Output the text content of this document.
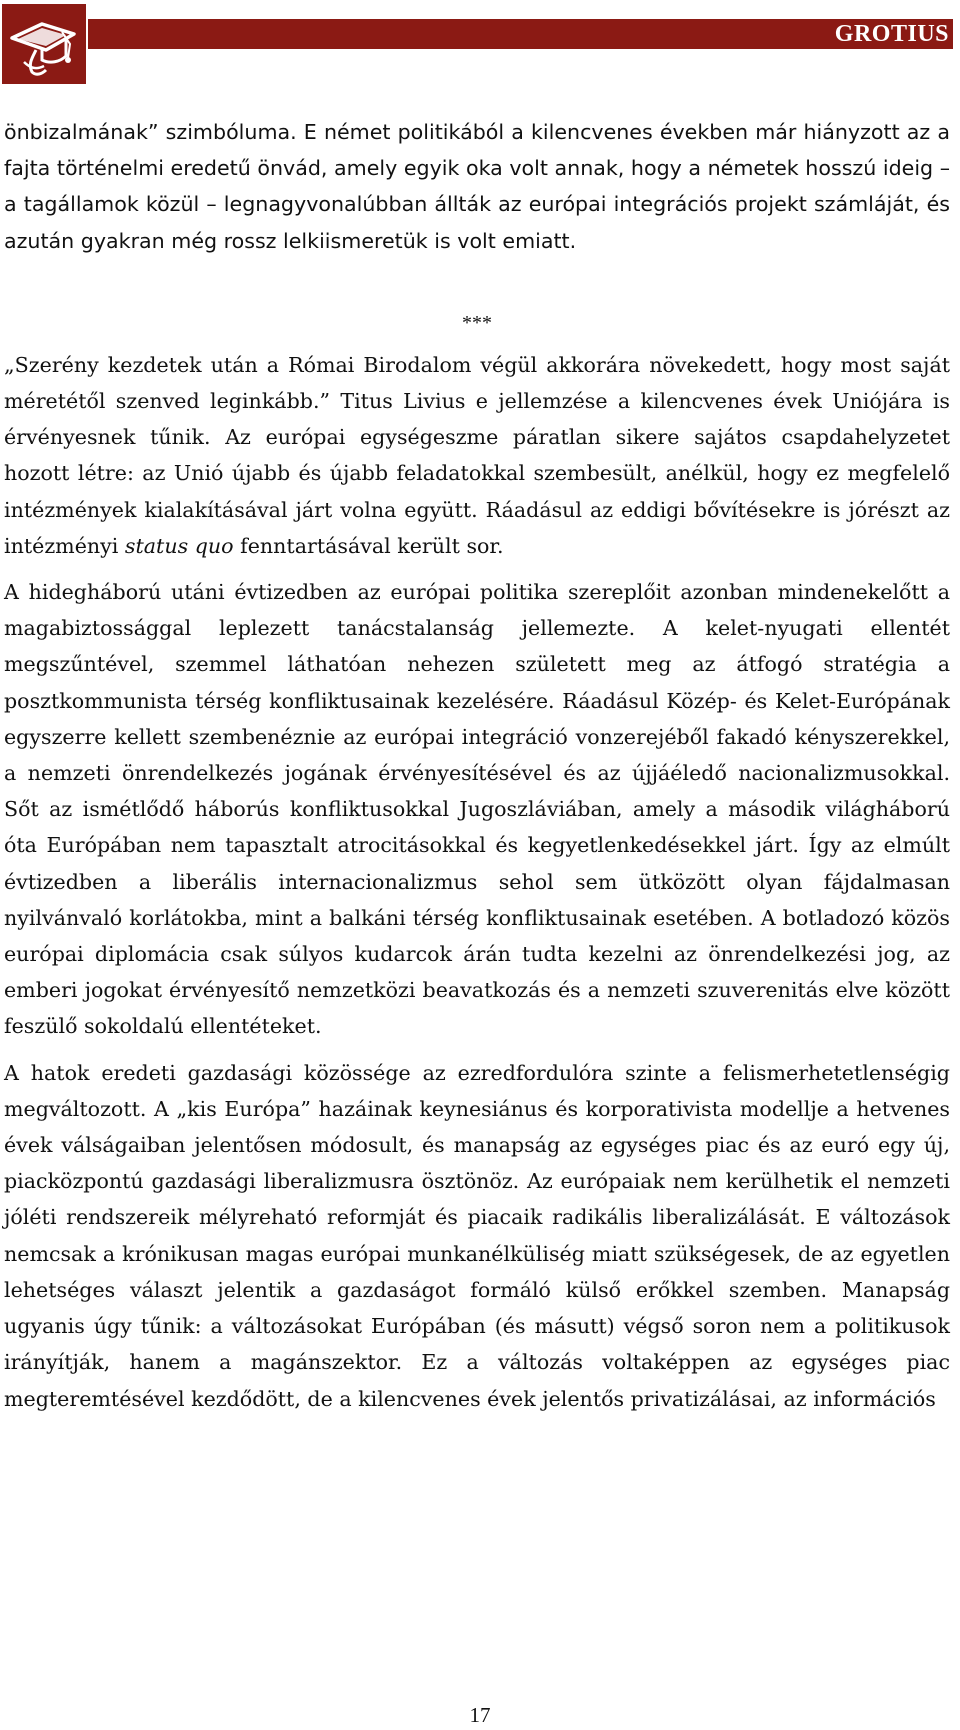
GROTIUS

önbizalmának” szimbóluma. E német politikából a kilencvenes években már hiányzott az a fajta történelmi eredetű önvád, amely egyik oka volt annak, hogy a németek hosszú ideig – a tagállamok közül – legnagyvonalúbban állták az európai integrációs projekt számláját, és azután gyakran még rossz lelkiismeretük is volt emiatt.

***

„Szerény kezdetek után a Római Birodalom végül akkorára növekedett, hogy most saját méretétől szenved leginkább.” Titus Livius e jellemzése a kilencvenes évek Uniójára is érvényesnek tűnik. Az európai egységeszme páratlan sikere sajátos csapdahelyzetet hozott létre: az Unió újabb és újabb feladatokkal szembesült, anélkül, hogy ez megfelelő intézmények kialakításával járt volna együtt. Ráadásul az eddigi bővítésekre is jórészt az intézményi status quo fenntartásával került sor.

A hidegháború utáni évtizedben az európai politika szereplőit azonban mindenekelőtt a magabiztossággal leplezett tanácstalanság jellemezte. A kelet-nyugati ellentét megszűntével, szemmel láthatóan nehezen született meg az átfogó stratégia a posztkommunista térség konfliktusainak kezelésére. Ráadásul Közép- és Kelet-Európának egyszerre kellett szembenéznie az európai integráció vonzerejéből fakadó kényszerekkel, a nemzeti önrendelkezés jogának érvényesítésével és az újjáéledő nacionalizmusokkal. Sőt az ismétlődő háborús konfliktusokkal Jugoszláviában, amely a második világháború óta Európában nem tapasztalt atrocitásokkal és kegyetlenkedésekkel járt. Így az elmúlt évtizedben a liberális internacionalizmus sehol sem ütközött olyan fájdalmasan nyilvánvaló korlátokba, mint a balkáni térség konfliktusainak esetében. A botladozó közös európai diplomácia csak súlyos kudarcok árán tudta kezelni az önrendelkezési jog, az emberi jogokat érvényesítő nemzetközi beavatkozás és a nemzeti szuverenitás elve között feszülő sokoldalú ellentéteket.

A hatok eredeti gazdasági közössége az ezredfordulóra szinte a felismerhetetlenségig megváltozott. A „kis Európa” hazáinak keynesiánus és korporativista modellje a hetvenes évek válságaiban jelentősen módosult, és manapság az egységes piac és az euró egy új, piacközpontú gazdasági liberalizmusra ösztönöz. Az európaiak nem kerülhetik el nemzeti jóléti rendszereik mélyreható reformját és piacaik radikális liberalizálását. E változások nemcsak a krónikusan magas európai munkanélküliség miatt szükségesek, de az egyetlen lehetséges választ jelentik a gazdaságot formáló külső erőkkel szemben. Manapság ugyanis úgy tűnik: a változásokat Európában (és másutt) végső soron nem a politikusok irányítják, hanem a magánszektor. Ez a változás voltaképpen az egységes piac megteremtésével kezdődött, de a kilencvenes évek jelentős privatizálásai, az információs

17
